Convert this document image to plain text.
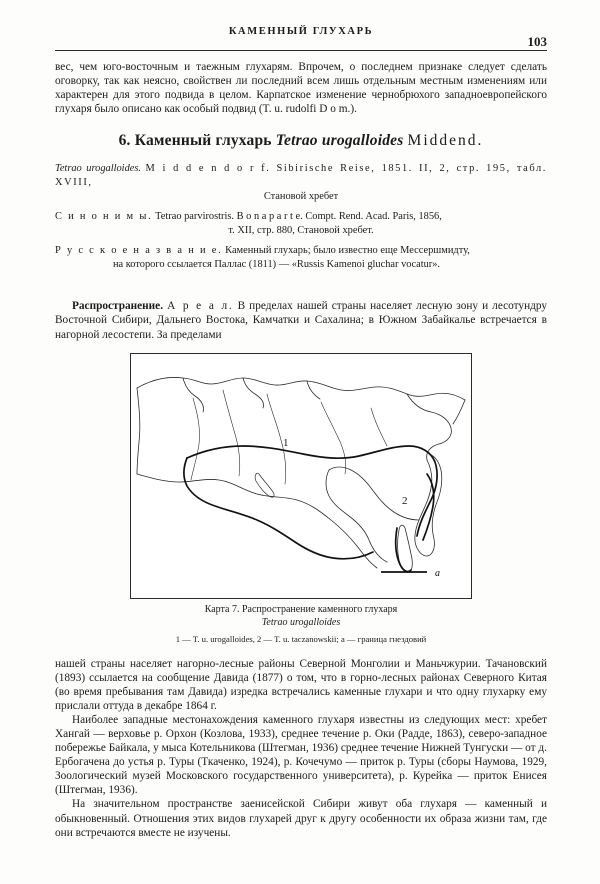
КАМЕННЫЙ ГЛУХАРЬ
103

вес, чем юго-восточным и таежным глухарям. Впрочем, о последнем признаке следует сделать оговорку, так как неясно, свойствен ли последний всем лишь отдельным местным изменениям или характерен для этого подвида в целом. Карпатское изменение чернобрюхого западноевропейского глухаря было описано как особый подвид (T. u. rudolfi D o m.).

6. Каменный глухарь Tetrao urogalloides Middend.
Tetrao urogalloides. M i d d e n d o r f. Sibirische Reise, 1851. II, 2, стр. 195, табл. XVIII,
Становой хребет
С и н о н и м ы. Tetrao parvirostris. B o n a p a r t e. Compt. Rend. Acad. Paris, 1856,
т. XII, стр. 880, Становой хребет.
Р у с с к о е н а з в а н и е. Каменный глухарь; было известно еще Мессершмидту,
на которого ссылается Паллас (1811) — «Russis Kamenoi gluchar vocatur».

Распространение. А р е а л. В пределах нашей страны населяет лесную зону и лесотундру Восточной Сибири, Дальнего Востока, Камчатки и Сахалина; в Южном Забайкалье встречается в нагорной лесостепи. За пределами

1
2
a
Карта 7. Распространение каменного глухаря
Tetrao urogalloides
1 — T. u. urogalloides, 2 — T. u. taczanowskii; a — граница гнездовий

нашей страны населяет нагорно-лесные районы Северной Монголии и Маньчжурии. Тачановский (1893) ссылается на сообщение Давида (1877) о том, что в горно-лесных районах Северного Китая (во время пребывания там Давида) изредка встречались каменные глухари и что одну глухарку ему прислали оттуда в декабре 1864 г.

Наиболее западные местонахождения каменного глухаря известны из следующих мест: хребет Хангай — верховье р. Орхон (Козлова, 1933), среднее течение р. Оки (Радде, 1863), северо-западное побережье Байкала, у мыса Котельникова (Штегман, 1936) среднее течение Нижней Тунгуски — от д. Ербогачена до устья р. Туры (Ткаченко, 1924), р. Кочечумо — приток р. Туры (сборы Наумова, 1929, Зоологический музей Московского государственного университета), р. Курейка — приток Енисея (Штегман, 1936).

На значительном пространстве заенисейской Сибири живут оба глухаря — каменный и обыкновенный. Отношения этих видов глухарей друг к другу особенности их образа жизни там, где они встречаются вместе не изучены.
